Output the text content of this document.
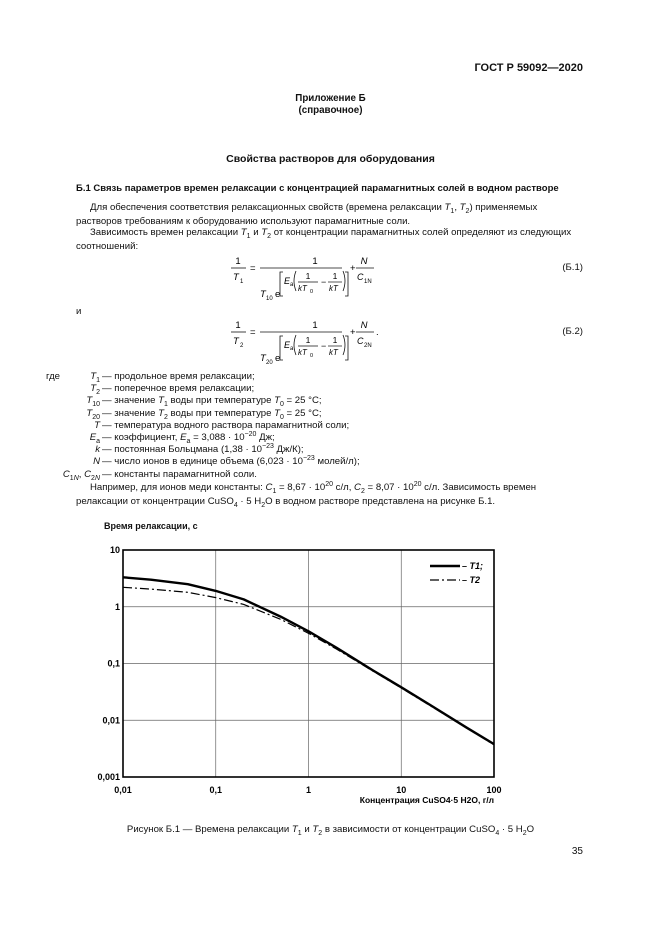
ГОСТ Р 59092—2020
Приложение Б
(справочное)
Свойства растворов для оборудования
Б.1 Связь параметров времен релаксации с концентрацией парамагнитных солей в водном растворе
Для обеспечения соответствия релаксационных свойств (времена релаксации $T_1$, $T_2$) применяемых растворов требованиям к оборудованию используют парамагнитные соли.
Зависимость времен релаксации $T_1$ и $T_2$ от концентрации парамагнитных солей определяют из следующих соотношений:
1
T 1
=
1
T 10 e
E a
1
kT 0
−
1
kT
+
N
C 1N
(Б.1)
и
1
T 2
=
1
T 20 e
E a
1
kT 0
−
1
kT
+
N
C 2N
.	(Б.2)
где	$T_1$ — продольное время релаксации;
$T_2$ — поперечное время релаксации;
$T_{10}$ — значение $T_1$ воды при температуре $T_0 = 25$ °С;
$T_{20}$ — значение $T_2$ воды при температуре $T_0 = 25$ °С;
T — температура водного раствора парамагнитной соли;
$E_a$ — коэффициент, $E_a = 3,088 \cdot 10^{-20}$ Дж;
k — постоянная Больцмана ($1,38 \cdot 10^{-23}$ Дж/К);
N — число ионов в единице объема ($6,023 \cdot 10^{-23}$ молей/л);
$C_{1N}$, $C_{2N}$ — константы парамагнитной соли.
Например, для ионов меди константы: $C_1 = 8,67 \cdot 10^{20}$ с/л, $C_2 = 8,07 \cdot 10^{20}$ с/л. Зависимость времен релаксации от концентрации CuSO$_4$ · 5 $H_2O$ в водном растворе представлена на рисунке Б.1.
Время релаксации, с
0,01	0,1	1	10	100
10
1
0,1
0,01
0,001
– T1;
– T2
Концентрация CuSO4·5 H2O, г/л
Рисунок Б.1 — Времена релаксации $T_1$ и $T_2$ в зависимости от концентрации CuSO$_4$ · 5 $H_2O$
35
